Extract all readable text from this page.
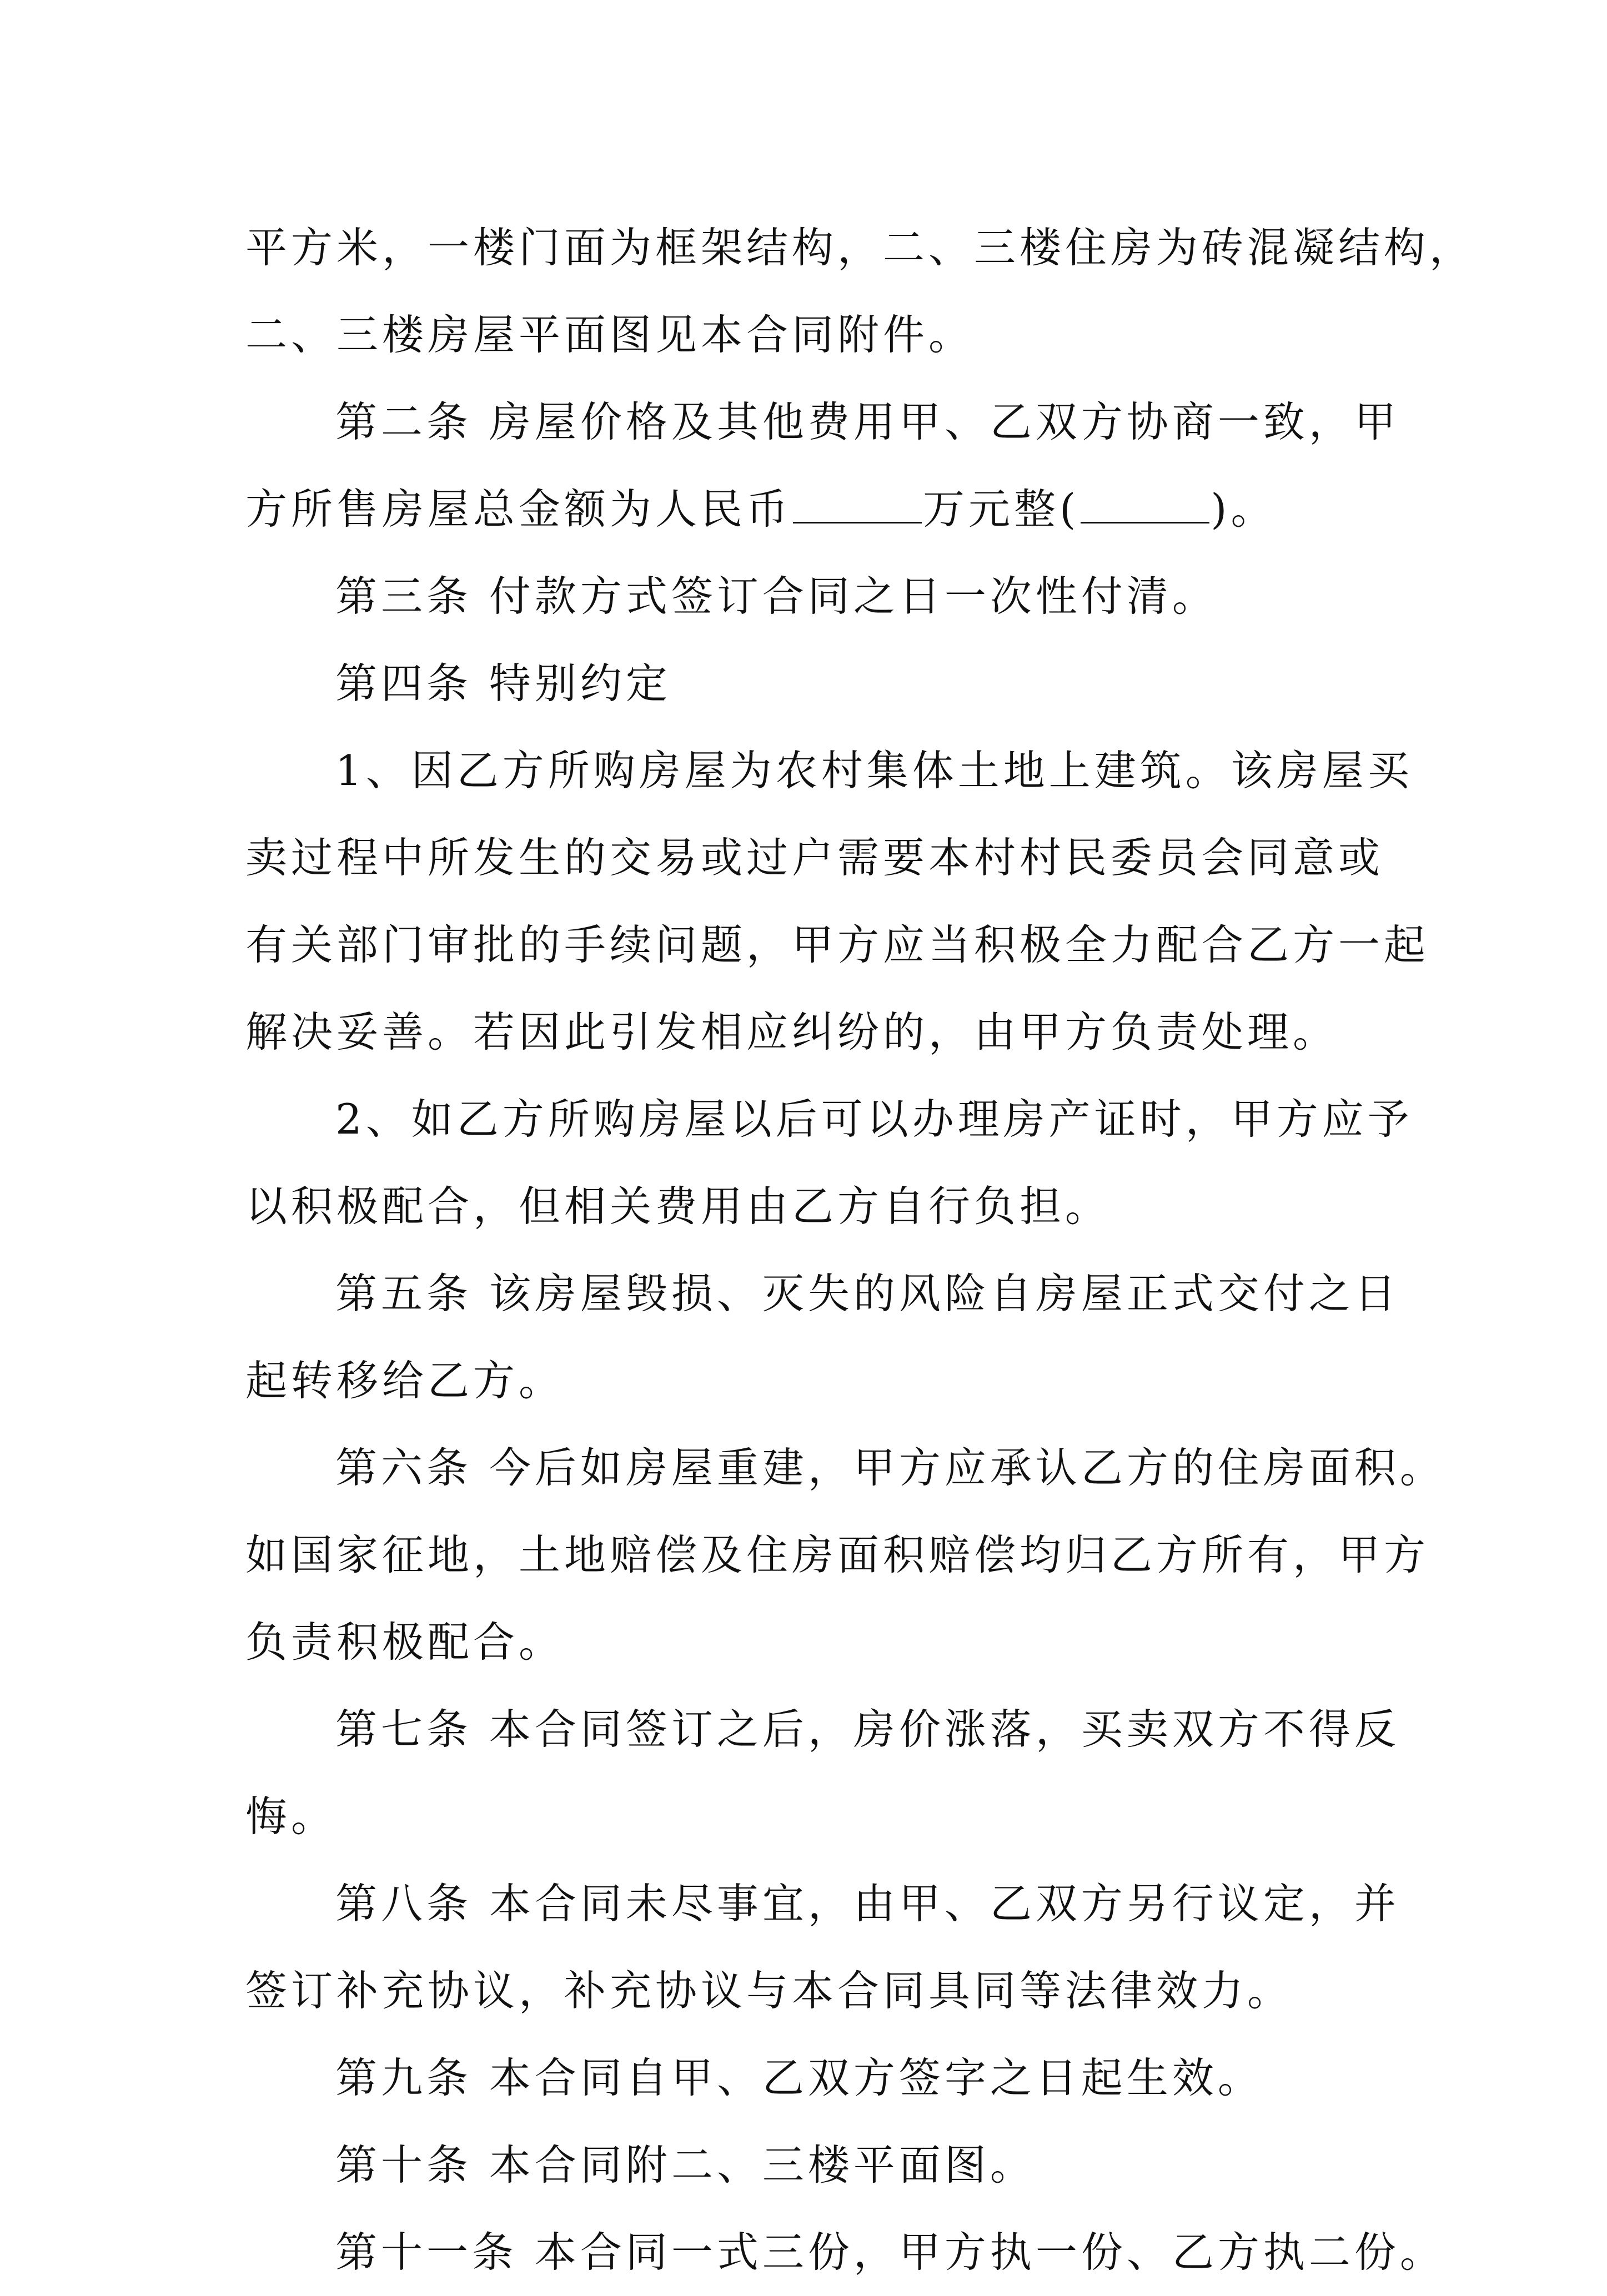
平方米，一楼门面为框架结构，二、三楼住房为砖混凝结构，
二、三楼房屋平面图见本合同附件。
第二条 房屋价格及其他费用甲、乙双方协商一致，甲
方所售房屋总金额为人民币	万元整(	)。
第三条 付款方式签订合同之日一次性付清。
第四条 特别约定
1、因乙方所购房屋为农村集体土地上建筑。该房屋买
卖过程中所发生的交易或过户需要本村村民委员会同意或
有关部门审批的手续问题，甲方应当积极全力配合乙方一起
解决妥善。若因此引发相应纠纷的，由甲方负责处理。
2、如乙方所购房屋以后可以办理房产证时，甲方应予
以积极配合，但相关费用由乙方自行负担。
第五条 该房屋毁损、灭失的风险自房屋正式交付之日
起转移给乙方。
第六条 今后如房屋重建，甲方应承认乙方的住房面积。
如国家征地，土地赔偿及住房面积赔偿均归乙方所有，甲方
负责积极配合。
第七条 本合同签订之后，房价涨落，买卖双方不得反
悔。
第八条 本合同未尽事宜，由甲、乙双方另行议定，并
签订补充协议，补充协议与本合同具同等法律效力。
第九条 本合同自甲、乙双方签字之日起生效。
第十条 本合同附二、三楼平面图。
第十一条 本合同一式三份，甲方执一份、乙方执二份。
